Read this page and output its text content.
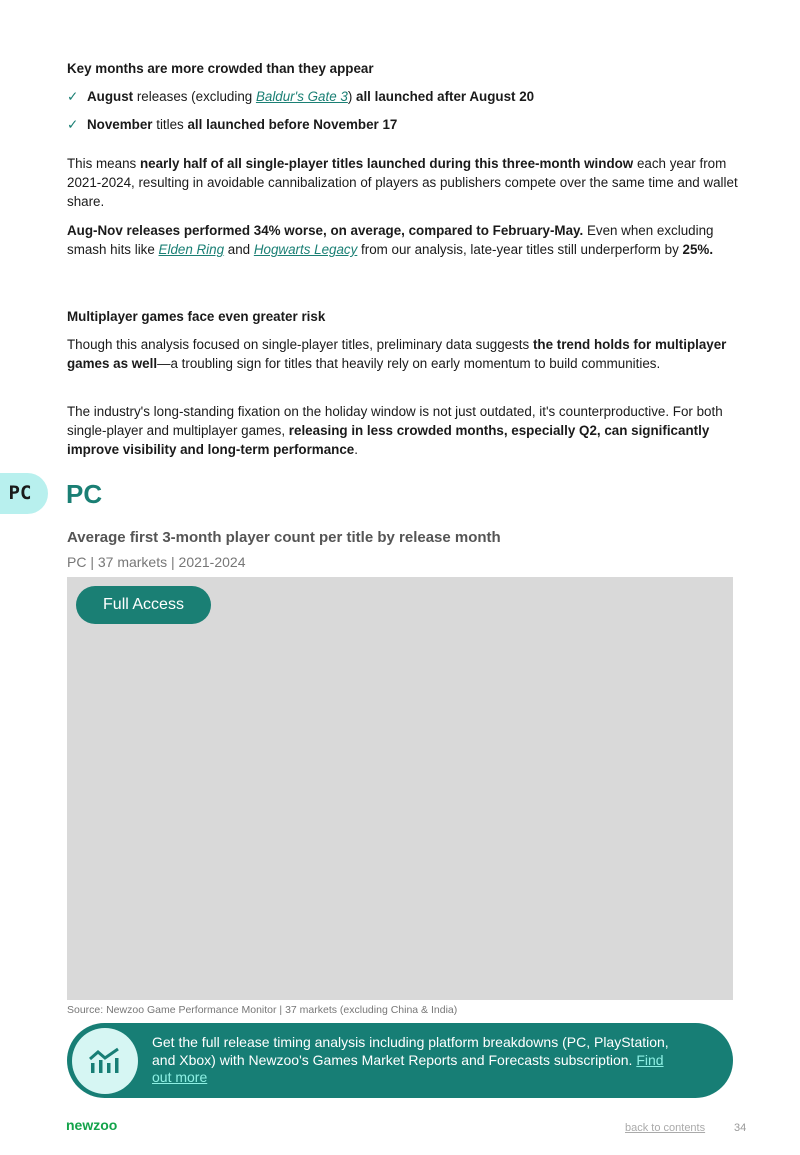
Key months are more crowded than they appear
✓ August releases (excluding Baldur's Gate 3) all launched after August 20
✓ November titles all launched before November 17
This means nearly half of all single-player titles launched during this three-month window each year from 2021-2024, resulting in avoidable cannibalization of players as publishers compete over the same time and wallet share.
Aug-Nov releases performed 34% worse, on average, compared to February-May. Even when excluding smash hits like Elden Ring and Hogwarts Legacy from our analysis, late-year titles still underperform by 25%.
Multiplayer games face even greater risk
Though this analysis focused on single-player titles, preliminary data suggests the trend holds for multiplayer games as well—a troubling sign for titles that heavily rely on early momentum to build communities.
The industry's long-standing fixation on the holiday window is not just outdated, it's counterproductive. For both single-player and multiplayer games, releasing in less crowded months, especially Q2, can significantly improve visibility and long-term performance.
PC	PC
Average first 3-month player count per title by release month
PC | 37 markets | 2021-2024
Full Access
Source: Newzoo Game Performance Monitor | 37 markets (excluding China & India)
Get the full release timing analysis including platform breakdowns (PC, PlayStation, and Xbox) with Newzoo's Games Market Reports and Forecasts subscription. Find out more
newzoo	back to contents	34
